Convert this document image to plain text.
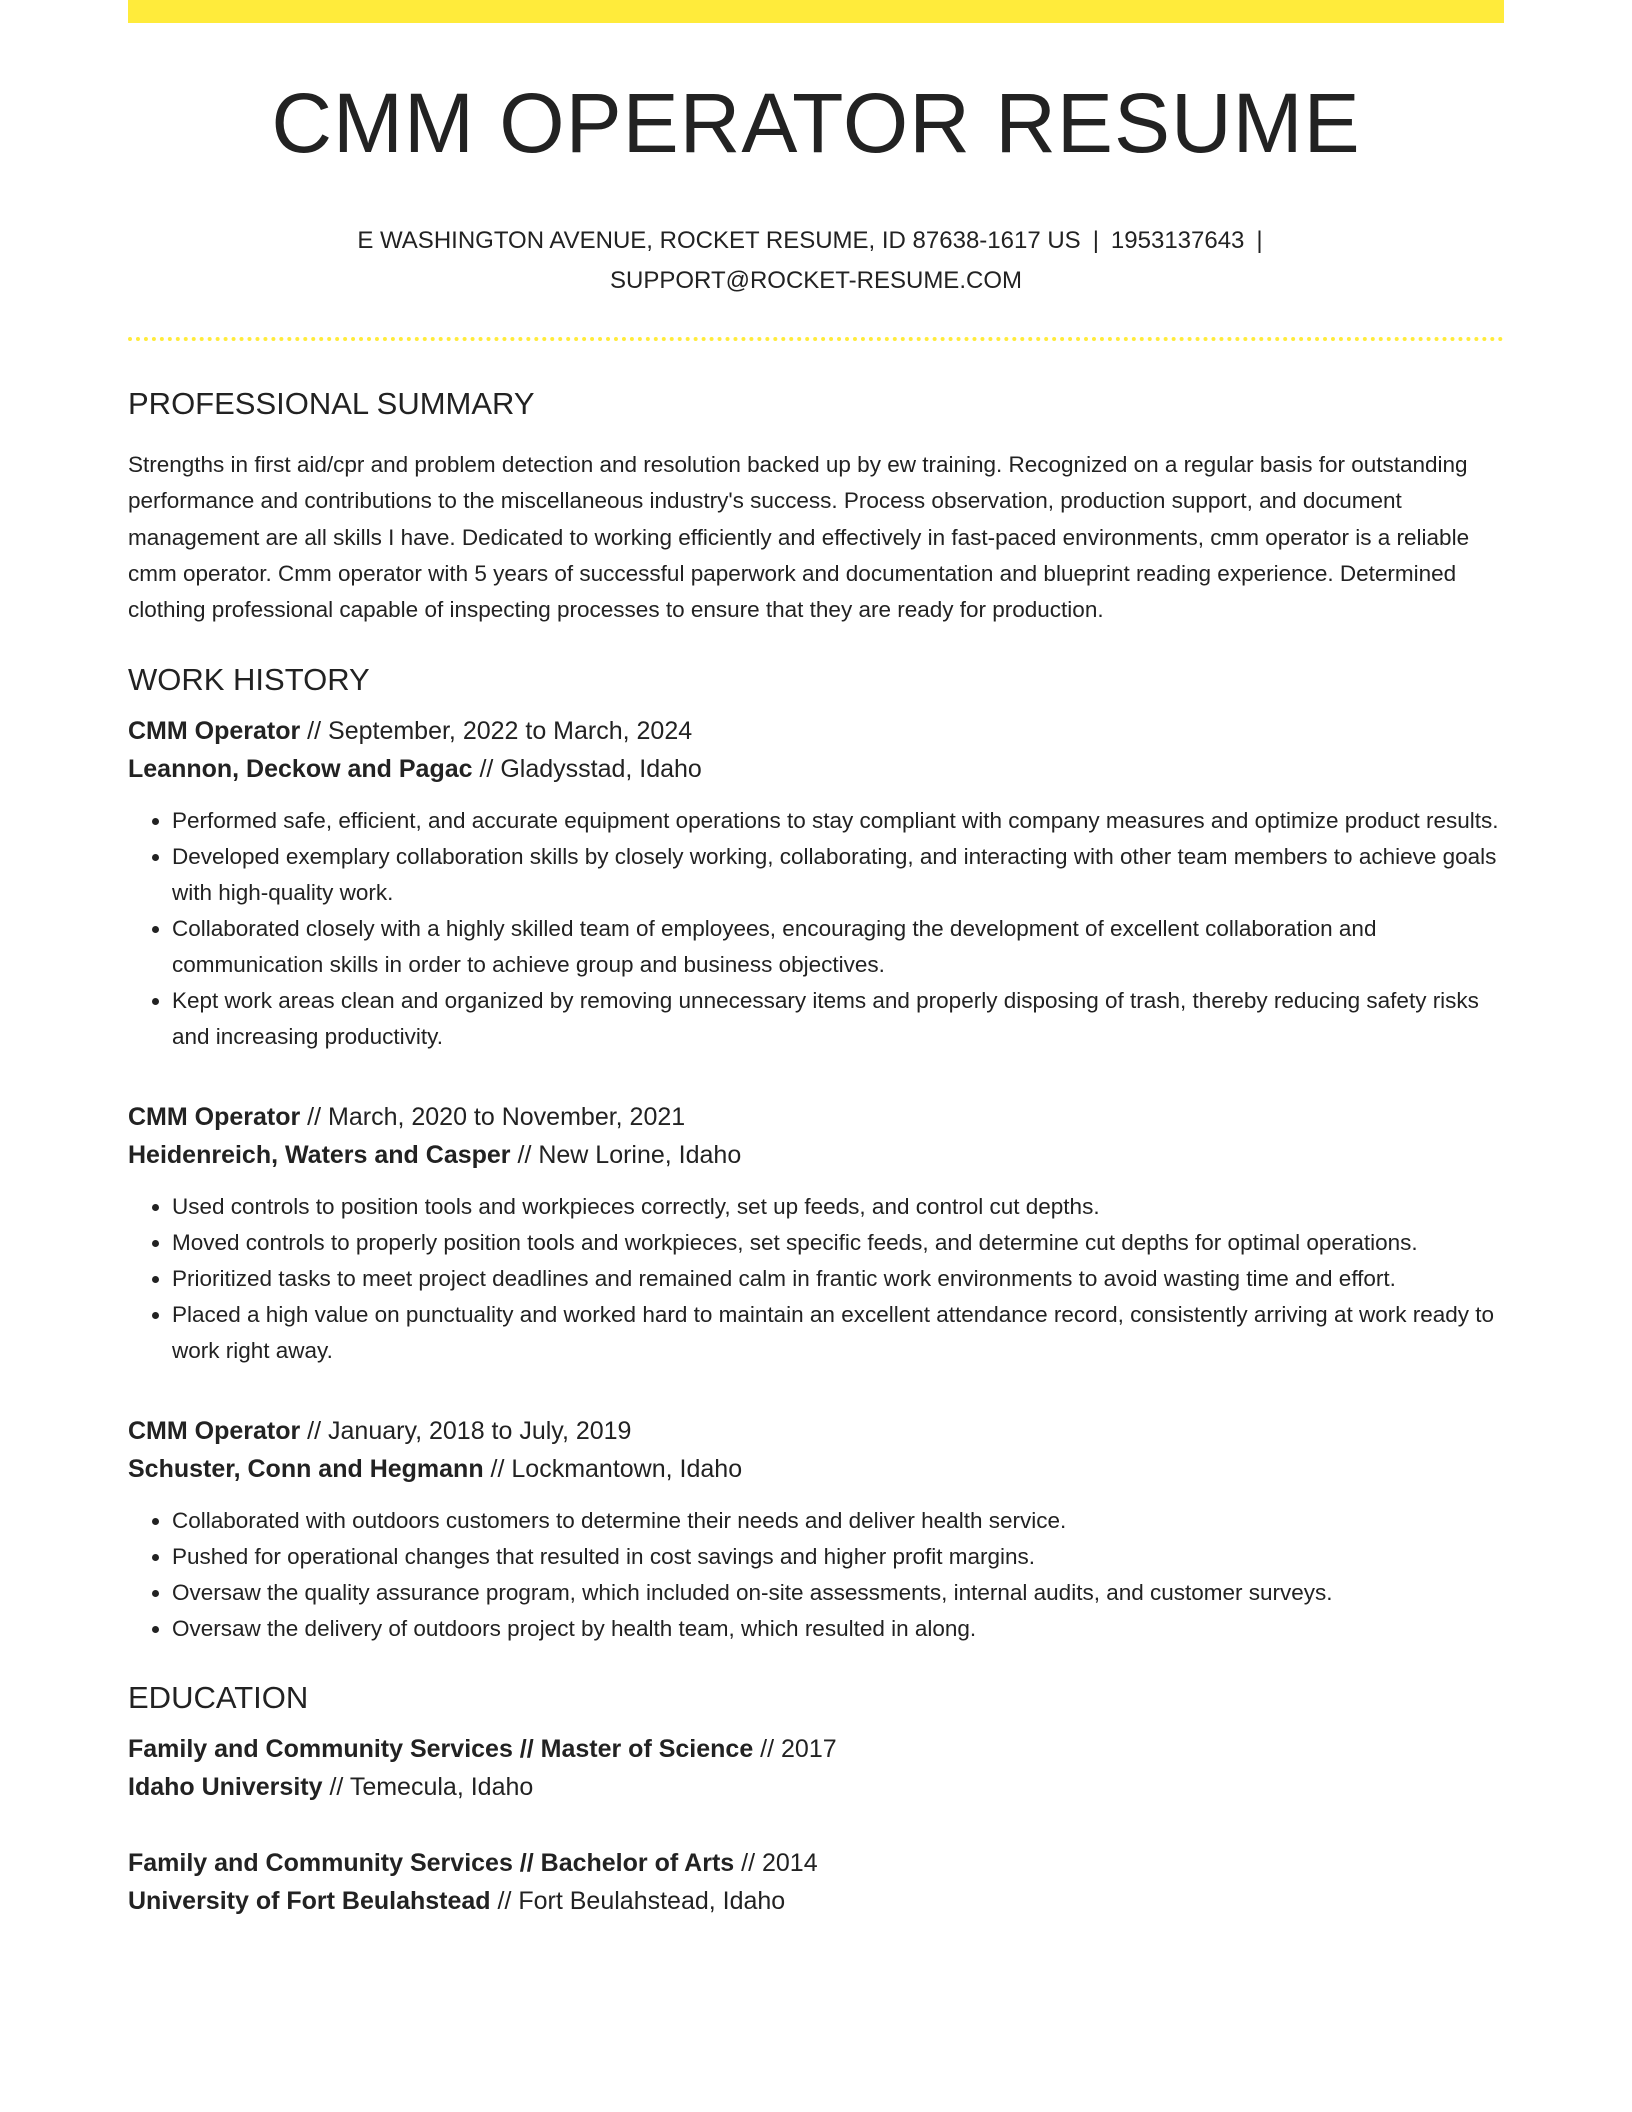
CMM OPERATOR RESUME
E WASHINGTON AVENUE, ROCKET RESUME, ID 87638-1617 US | 1953137643 |
SUPPORT@ROCKET-RESUME.COM
PROFESSIONAL SUMMARY

Strengths in first aid/cpr and problem detection and resolution backed up by ew training. Recognized on a regular basis for outstanding performance and contributions to the miscellaneous industry's success. Process observation, production support, and document management are all skills I have. Dedicated to working efficiently and effectively in fast-paced environments, cmm operator is a reliable cmm operator. Cmm operator with 5 years of successful paperwork and documentation and blueprint reading experience. Determined clothing professional capable of inspecting processes to ensure that they are ready for production.

WORK HISTORY
CMM Operator // September, 2022 to March, 2024
Leannon, Deckow and Pagac // Gladysstad, Idaho
• Performed safe, efficient, and accurate equipment operations to stay compliant with company measures and optimize product results.
• Developed exemplary collaboration skills by closely working, collaborating, and interacting with other team members to achieve goals with high-quality work.
• Collaborated closely with a highly skilled team of employees, encouraging the development of excellent collaboration and communication skills in order to achieve group and business objectives.
• Kept work areas clean and organized by removing unnecessary items and properly disposing of trash, thereby reducing safety risks and increasing productivity.
CMM Operator // March, 2020 to November, 2021
Heidenreich, Waters and Casper // New Lorine, Idaho
• Used controls to position tools and workpieces correctly, set up feeds, and control cut depths.
• Moved controls to properly position tools and workpieces, set specific feeds, and determine cut depths for optimal operations.
• Prioritized tasks to meet project deadlines and remained calm in frantic work environments to avoid wasting time and effort.
• Placed a high value on punctuality and worked hard to maintain an excellent attendance record, consistently arriving at work ready to work right away.
CMM Operator // January, 2018 to July, 2019
Schuster, Conn and Hegmann // Lockmantown, Idaho
• Collaborated with outdoors customers to determine their needs and deliver health service.
• Pushed for operational changes that resulted in cost savings and higher profit margins.
• Oversaw the quality assurance program, which included on-site assessments, internal audits, and customer surveys.
• Oversaw the delivery of outdoors project by health team, which resulted in along.
EDUCATION
Family and Community Services // Master of Science // 2017
Idaho University // Temecula, Idaho
Family and Community Services // Bachelor of Arts // 2014
University of Fort Beulahstead // Fort Beulahstead, Idaho
